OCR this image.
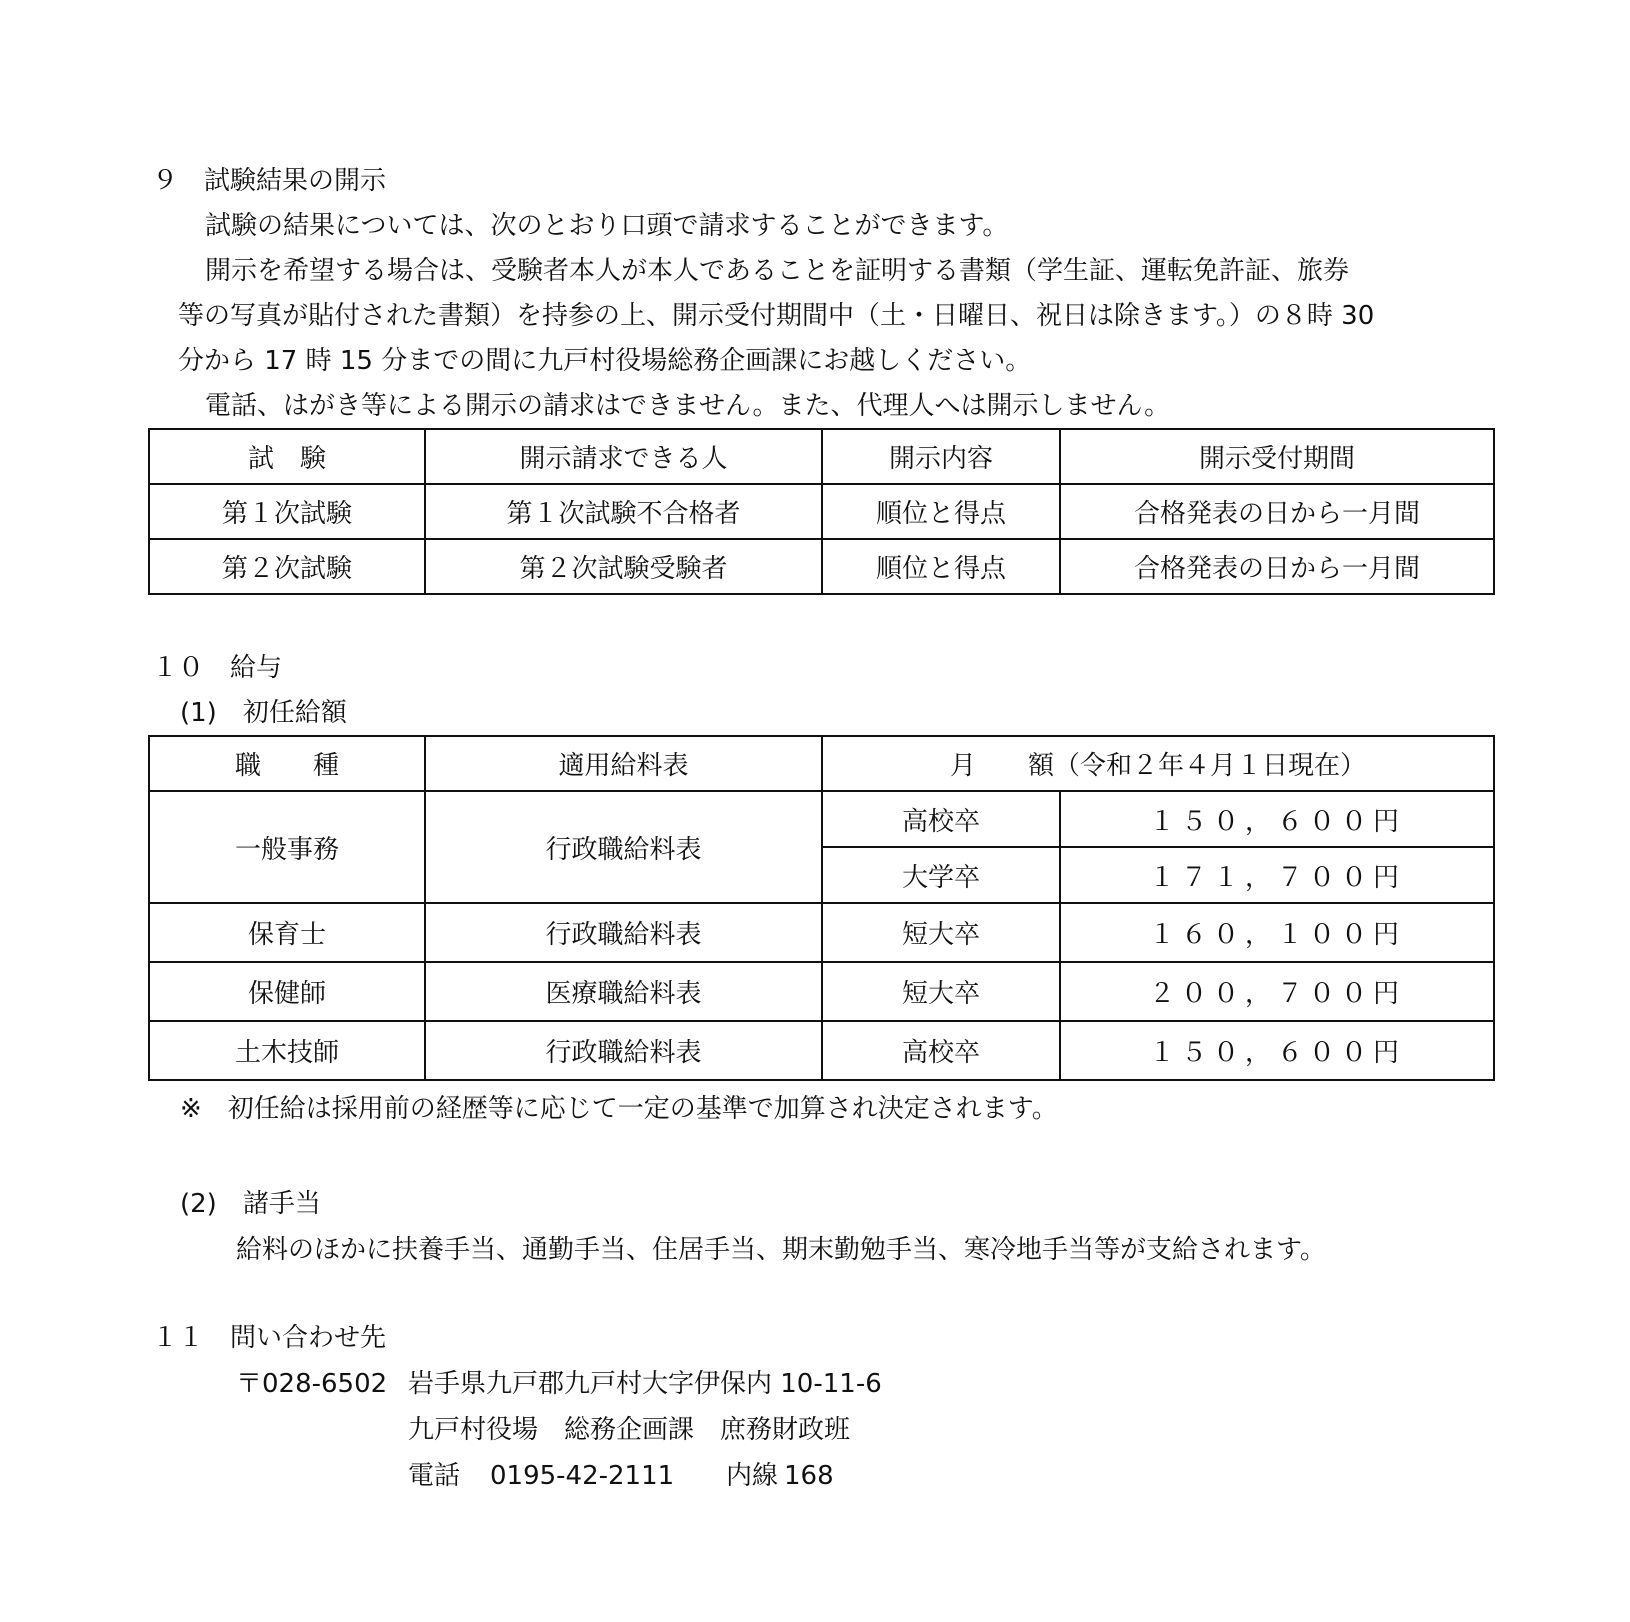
９　試験結果の開示
試験の結果については、次のとおり口頭で請求することができます。
開示を希望する場合は、受験者本人が本人であることを証明する書類（学生証、運転免許証、旅券
等の写真が貼付された書類）を持参の上、開示受付期間中（土・日曜日、祝日は除きます。）の８時 30
分から 17 時 15 分までの間に九戸村役場総務企画課にお越しください。
電話、はがき等による開示の請求はできません。また、代理人へは開示しません。
試　験	開示請求できる人	開示内容	開示受付期間
第１次試験	第１次試験不合格者	順位と得点	合格発表の日から一月間
第２次試験	第２次試験受験者	順位と得点	合格発表の日から一月間
１０　給与
(1)　初任給額
職　　種	適用給料表	月　　額（令和２年４月１日現在）	
一般事務	行政職給料表	高校卒	１５０，６００円
		大学卒	１７１，７００円
保育士	行政職給料表	短大卒	１６０，１００円
保健師	医療職給料表	短大卒	２００，７００円
土木技師	行政職給料表	高校卒	１５０，６００円
※　初任給は採用前の経歴等に応じて一定の基準で加算され決定されます。
(2)　諸手当
給料のほかに扶養手当、通勤手当、住居手当、期末勤勉手当、寒冷地手当等が支給されます。
１１　問い合わせ先
〒028-6502 岩手県九戸郡九戸村大字伊保内 10-11-6
九戸村役場　総務企画課　庶務財政班
電話 0195-42-2111 内線 168
